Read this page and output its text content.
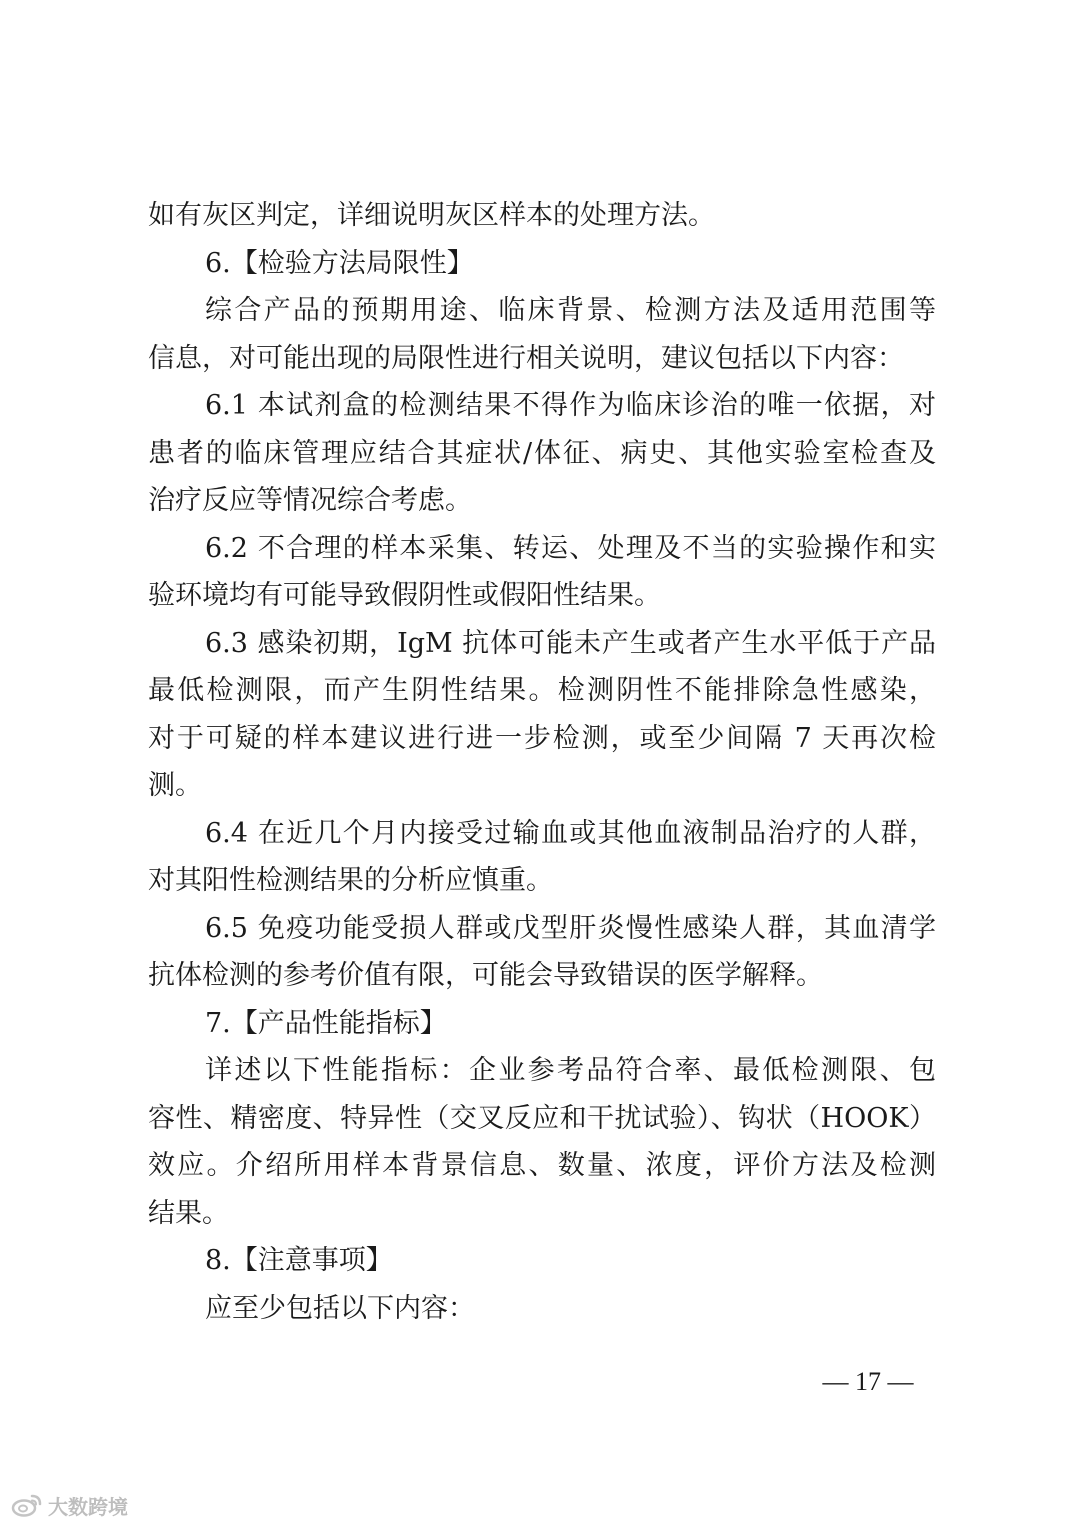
如有灰区判定，详细说明灰区样本的处理方法。
6.【检验方法局限性】
综合产品的预期用途、临床背景、检测方法及适用范围等
信息，对可能出现的局限性进行相关说明，建议包括以下内容：
6.1 本试剂盒的检测结果不得作为临床诊治的唯一依据，对
患者的临床管理应结合其症状/体征、病史、其他实验室检查及
治疗反应等情况综合考虑。
6.2 不合理的样本采集、转运、处理及不当的实验操作和实
验环境均有可能导致假阴性或假阳性结果。
6.3 感染初期，IgM 抗体可能未产生或者产生水平低于产品
最低检测限，而产生阴性结果。检测阴性不能排除急性感染，
对于可疑的样本建议进行进一步检测，或至少间隔 7 天再次检
测。
6.4 在近几个月内接受过输血或其他血液制品治疗的人群，
对其阳性检测结果的分析应慎重。
6.5 免疫功能受损人群或戊型肝炎慢性感染人群，其血清学
抗体检测的参考价值有限，可能会导致错误的医学解释。
7.【产品性能指标】
详述以下性能指标：企业参考品符合率、最低检测限、包
容性、精密度、特异性（交叉反应和干扰试验）、钩状（HOOK）
效应。介绍所用样本背景信息、数量、浓度，评价方法及检测
结果。
8.【注意事项】
应至少包括以下内容：
— 17 —
大数跨境
